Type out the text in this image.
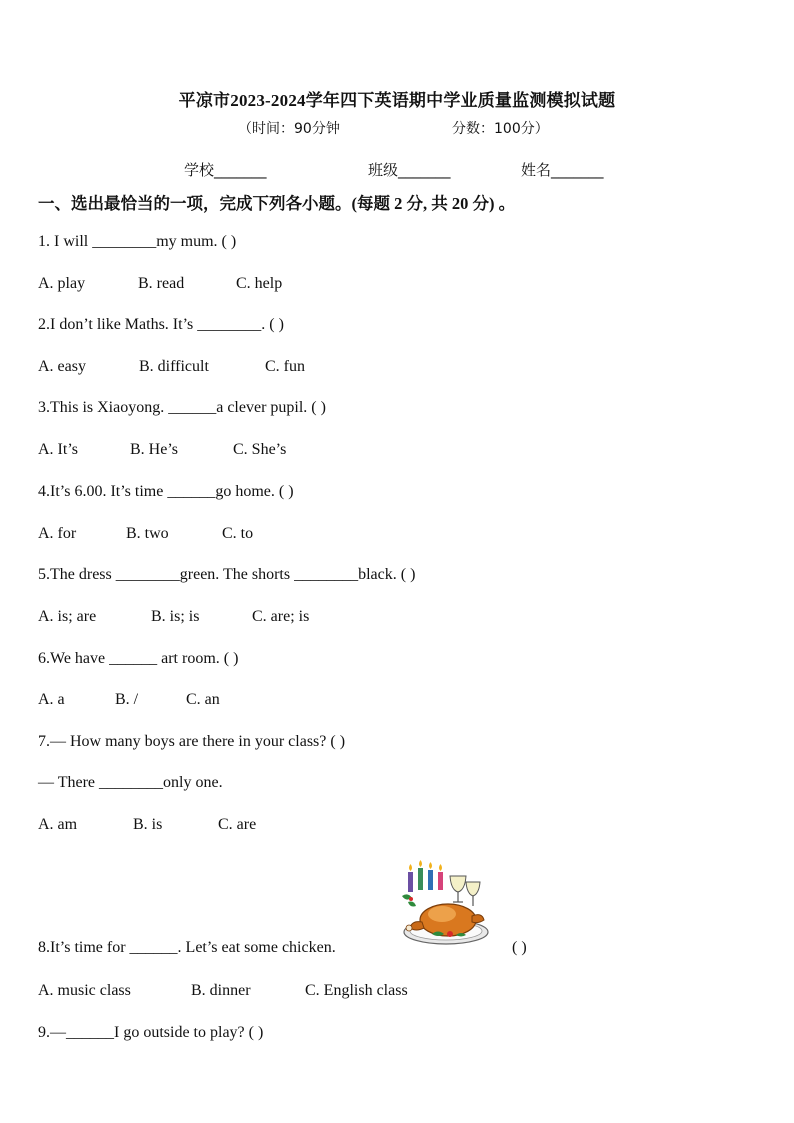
平凉市2023-2024学年四下英语期中学业质量监测模拟试题
（时间：90分钟	分数：100分）
学校_______	班级_______	姓名_______
一、选出最恰当的一项，完成下列各小题。(每题 2 分, 共 20 分) 。
1. I will ________my mum. ( )
A. play	B. read	C. help
2.I don’t like Maths. It’s ________. ( )
A. easy	B. difficult	C. fun
3.This is Xiaoyong. ______a clever pupil. ( )
A. It’s	B. He’s	C. She’s
4.It’s 6.00. It’s time ______go home. ( )
A. for	B. two	C. to
5.The dress ________green. The shorts ________black. ( )
A. is; are	B. is; is	C. are; is
6.We have ______ art room. ( )
A. a	B. /	C. an
7.— How many boys are there in your class? ( )
— There ________only one.
A. am	B. is	C. are
8.It’s time for ______. Let’s eat some chicken.	( )
A. music class	B. dinner	C. English class
9.—______I go outside to play? ( )
